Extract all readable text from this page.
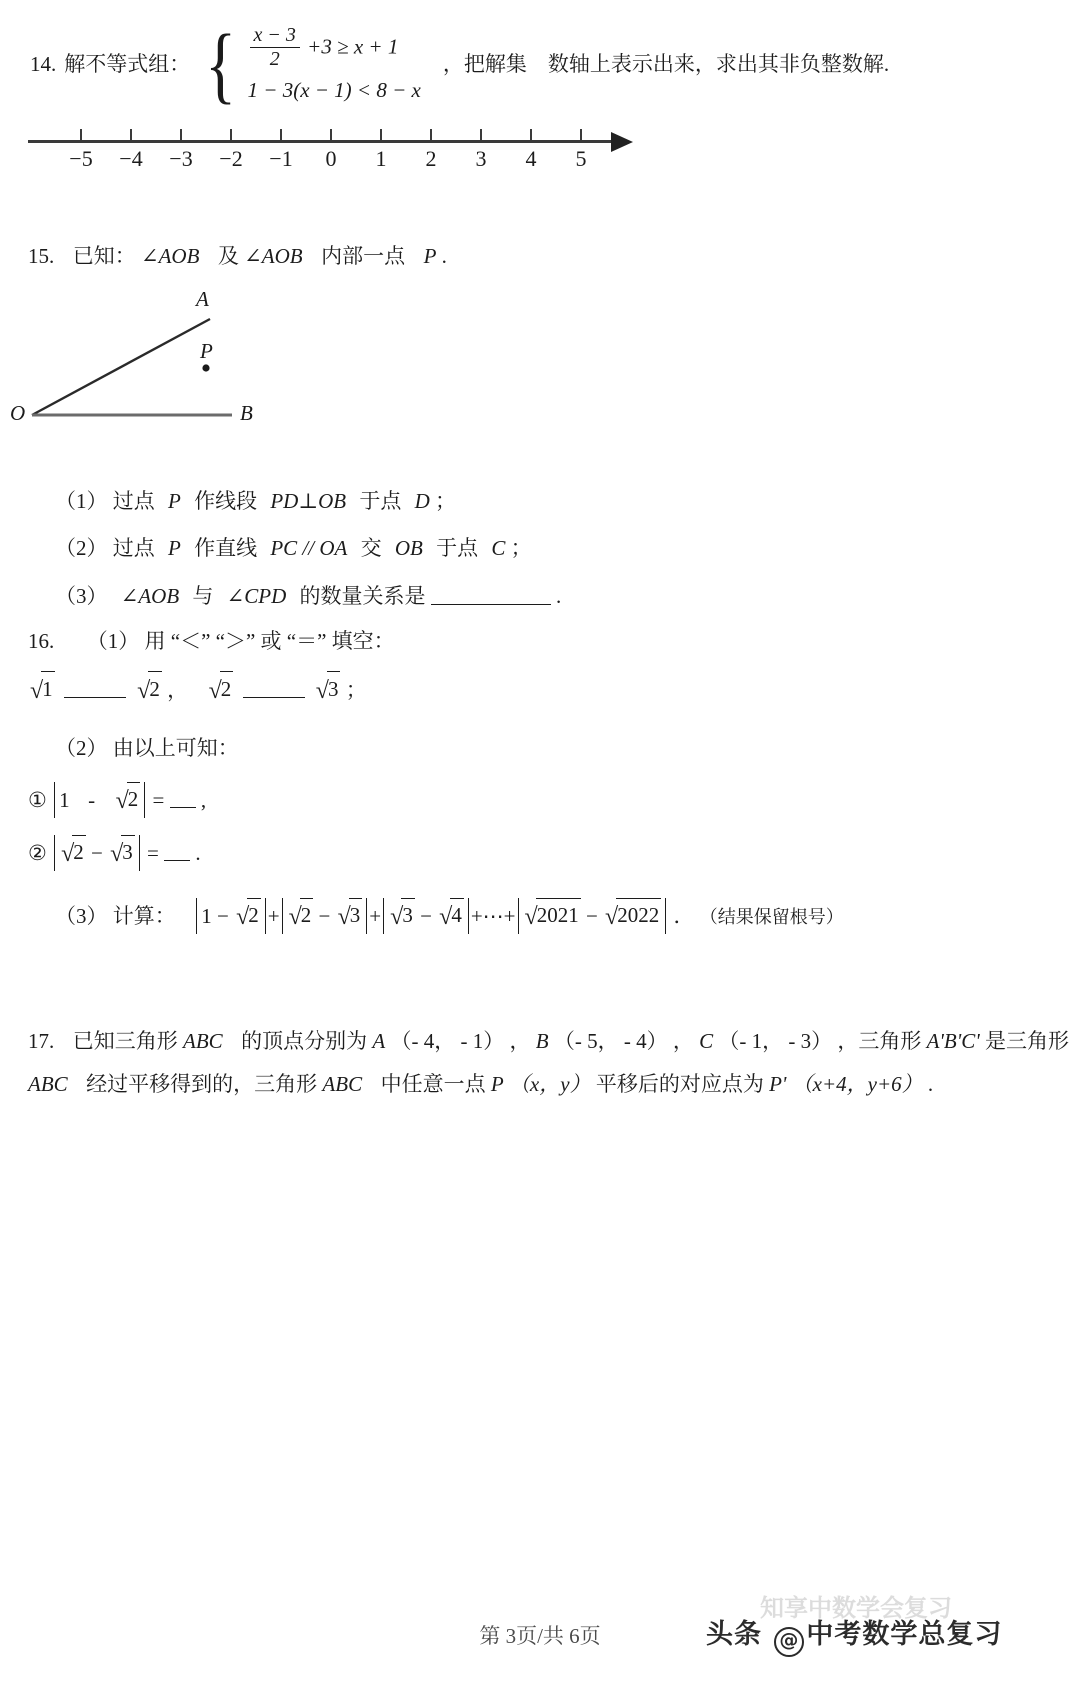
14. 解不等式组： { $\frac{x - 3}{2} +3 \ge x + 1$
1 − 3(x − 1) < 8 − x
，把解集　数轴上表示出来，求出其非负整数解.
−5 −4 −3 −2 −1 0 1 2 3 4 5
15. 已知： ∠AOB 及 ∠AOB 内部一点 P .
A
B
O
P
（1） 过点 P 作线段 PD⊥OB 于点 D ；
（2） 过点 P 作直线 PC // OA 交 OB 于点 C ；
（3） ∠AOB 与 ∠CPD 的数量关系是	.
16. （1） 用 “＜” “＞” 或 “＝” 填空：
√1	√2 ， √2	√3 ；
（2） 由以上可知：
① 1 - √2 = ,
② √2 − √3 = .
（3） 计算： 1 − √2 + √2 − √3 + √3 − √4 +⋯+ √2021 − √2022 ． （结果保留根号）
17. 已知三角形 ABC 的顶点分别为 A （- 4， - 1） ， B （- 5， - 4） ， C （- 1， - 3） ，三角形 A'B'C' 是三角形
ABC 经过平移得到的，三角形 ABC 中任意一点 P （x，y） 平移后的对应点为 P' （x+4，y+6） .
第 3页/共 6页
知享中数学会复习
头条 @ 中考数学总复习
